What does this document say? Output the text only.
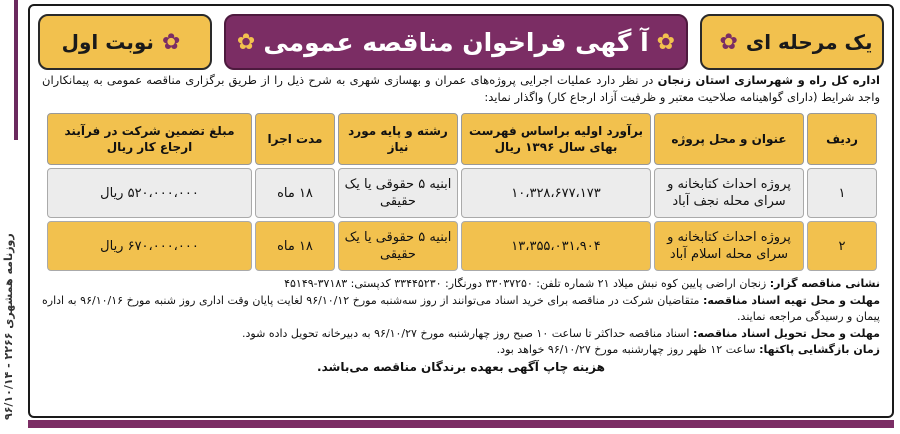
روزنامه همشهری ۲۲۶۶ - ۹۶/۱۰/۱۴
یک مرحله ای
✿
✿
آ گهی فراخوان مناقصه عمومی
✿
✿
نوبت اول
اداره کل راه و شهرسازی استان زنجان در نظر دارد عملیات اجرایی پروژه‌های عمران و بهسازی شهری به شرح ذیل را از طریق برگزاری مناقصه عمومی به پیمانکاران واجد شرایط (دارای گواهینامه صلاحیت معتبر و ظرفیت آزاد ارجاع کار) واگذار نماید:
ردیف	عنوان و محل پروژه	برآورد اولیه براساس فهرست بهای سال ۱۳۹۶ ریال	رشته و پایه مورد نیاز	مدت اجرا	مبلغ تضمین شرکت در فرآیند ارجاع کار ریال
۱	پروژه احداث کتابخانه و سرای محله نجف آباد	۱۰،۳۲۸،۶۷۷،۱۷۳	ابنیه ۵ حقوقی یا یک حقیقی	۱۸ ماه	۵۲۰،۰۰۰،۰۰۰ ریال
۲	پروژه احداث کتابخانه و سرای محله اسلام آباد	۱۳،۳۵۵،۰۳۱،۹۰۴	ابنیه ۵ حقوقی یا یک حقیقی	۱۸ ماه	۶۷۰،۰۰۰،۰۰۰ ریال

نشانی مناقصه گزار: زنجان اراضی پایین کوه نبش میلاد ۲۱ شماره تلفن: ۳۳۰۳۷۲۵۰ دورنگار: ۳۳۴۴۵۲۳۰ کدپستی: ۳۷۱۸۳-۴۵۱۴۹

مهلت و محل تهیه اسناد مناقصه: متقاضیان شرکت در مناقصه برای خرید اسناد می‌توانند از روز سه‌شنبه مورخ ۹۶/۱۰/۱۲ لغایت پایان وقت اداری روز شنبه مورخ ۹۶/۱۰/۱۶ به اداره پیمان و رسیدگی مراجعه نمایند.

مهلت و محل تحویل اسناد مناقصه: اسناد مناقصه حداکثر تا ساعت ۱۰ صبح روز چهارشنبه مورخ ۹۶/۱۰/۲۷ به دبیرخانه تحویل داده شود.

زمان بازگشایی پاکتها: ساعت ۱۲ ظهر روز چهارشنبه مورخ ۹۶/۱۰/۲۷ خواهد بود.

هزینه چاپ آگهی بعهده برندگان مناقصه می‌باشد.
